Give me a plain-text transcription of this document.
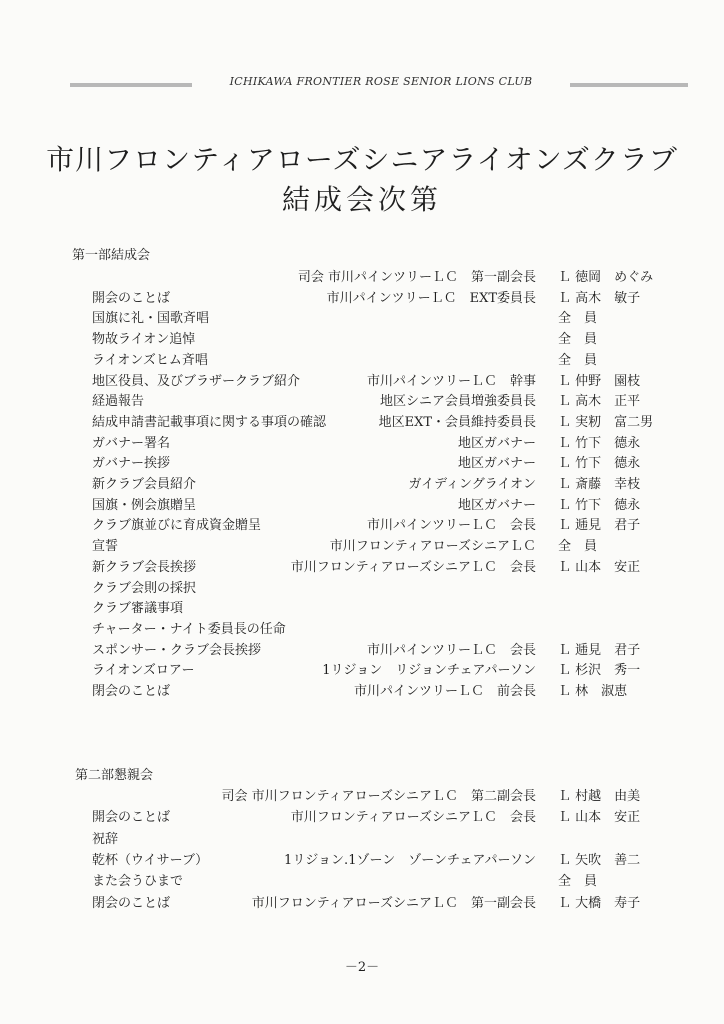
ICHIKAWA FRONTIER ROSE SENIOR LIONS CLUB
市川フロンティアローズシニアライオンズクラブ
結成会次第
第一部結成会
司会 市川パインツリーＬＣ　第一副会長 Ｌ 徳岡　めぐみ
開会のことば	市川パインツリーＬＣ　EXT委員長 Ｌ 高木　敏子
国旗に礼・国歌斉唱	全　員
物故ライオン追悼	全　員
ライオンズヒム斉唱	全　員
地区役員、及びブラザークラブ紹介	市川パインツリーＬＣ　幹事 Ｌ 仲野　園枝
経過報告	地区シニア会員増強委員長 Ｌ 高木　正平
結成申請書記載事項に関する事項の確認	地区EXT・会員維持委員長 Ｌ 実籾　富二男
ガバナー署名	地区ガバナー Ｌ 竹下　德永
ガバナー挨拶	地区ガバナー Ｌ 竹下　德永
新クラブ会員紹介	ガイディングライオン Ｌ 斎藤　幸枝
国旗・例会旗贈呈	地区ガバナー Ｌ 竹下　德永
クラブ旗並びに育成資金贈呈	市川パインツリーＬＣ　会長 Ｌ 逓見　君子
宣誓	市川フロンティアローズシニアＬＣ 全　員
新クラブ会長挨拶	市川フロンティアローズシニアＬＣ　会長 Ｌ 山本　安正
クラブ会則の採択
クラブ審議事項
チャーター・ナイト委員長の任命
スポンサー・クラブ会長挨拶	市川パインツリーＬＣ　会長 Ｌ 逓見　君子
ライオンズロアー	1リジョン　リジョンチェアパーソン Ｌ 杉沢　秀一
閉会のことば	市川パインツリーＬＣ　前会長 Ｌ 林　淑恵
第二部懇親会
司会 市川フロンティアローズシニアＬＣ　第二副会長 Ｌ 村越　由美
開会のことば	市川フロンティアローズシニアＬＣ　会長 Ｌ 山本　安正
祝辞
乾杯（ウイサーブ）	1リジョン.1ゾーン　ゾーンチェアパーソン Ｌ 矢吹　善二
また会うひまで	全　員
閉会のことば	市川フロンティアローズシニアＬＣ　第一副会長 Ｌ 大橋　寿子
－2－
